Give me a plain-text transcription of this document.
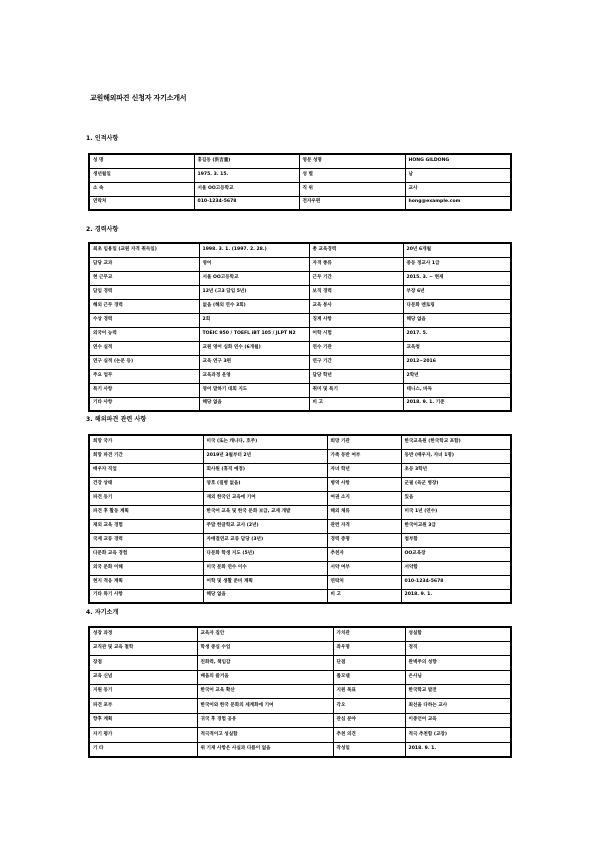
교원해외파견 신청자 자기소개서
1. 인적사항
성 명	홍길동 (洪吉童)	영문 성명	HONG GILDONG
생년월일	1975. 3. 15.	성 별	남
소 속	서울 OO고등학교	직 위	교사
연락처	010-1234-5678	전자우편	hong@example.com
2. 경력사항
최초 임용일 (교원 자격 취득일)	1998. 3. 1. (1997. 2. 28.)	총 교육경력	20년 6개월
담당 교과	영어	자격 종류	중등 정교사 1급
현 근무교	서울 OO고등학교	근무 기간	2015. 3. ~ 현재
담임 경력	12년 (고3 담임 5년)	보직 경력	부장 6년
해외 근무 경력	없음 (해외 연수 3회)	교육 봉사	다문화 멘토링
수상 경력	2회	징계 사항	해당 없음
외국어 능력	TOEIC 950 / TOEFL iBT 105 / JLPT N2	어학 시험	2017. 5.
연수 실적	교원 영어 심화 연수 (6개월)	연수 기관	교육청
연구 실적 (논문 등)	교육 연구 3편	연구 기간	2012~2016
주요 업무	교육과정 운영	담당 학년	2학년
특기 사항	영어 말하기 대회 지도	취미 및 특기	테니스, 바둑
기타 사항	해당 없음	비 고	2018. 9. 1. 기준
3. 해외파견 관련 사항
희망 국가	미국 (또는 캐나다, 호주)	희망 기관	한국교육원 (한국학교 포함)
희망 파견 기간	2019년 3월부터 2년	가족 동반 여부	동반 (배우자, 자녀 1명)
배우자 직업	회사원 (휴직 예정)	자녀 학년	초등 3학년
건강 상태	양호 (질병 없음)	병역 사항	군필 (육군 병장)
파견 동기	재외 한국인 교육에 기여	여권 소지	있음
파견 후 활동 계획	한국어 교육 및 한국 문화 보급, 교재 개발	해외 체류	미국 1년 (연수)
재외 교육 경험	주말 한글학교 교사 (2년)	관련 자격	한국어교원 3급
국제 교류 경력	자매결연교 교류 담당 (3년)	경력 증명	첨부함
다문화 교육 경험	다문화 학생 지도 (5년)	추천자	OO교육장
외국 문화 이해	미국 문화 연수 이수	서약 여부	서약함
현지 적응 계획	어학 및 생활 준비 계획	연락처	010-1234-5678
기타 특기 사항	해당 없음	비 고	2018. 9. 1.
4. 자기소개
성장 과정	교육자 집안	가치관	성실함
교직관 및 교육 철학	학생 중심 수업	좌우명	정직
장점	친화력, 책임감	단점	완벽주의 성향
교육 신념	배움의 즐거움	롤모델	은사님
지원 동기	한국어 교육 확산	지원 목표	한국학교 발전
파견 포부	한국어와 한국 문화의 세계화에 기여	각오	최선을 다하는 교사
향후 계획	귀국 후 경험 공유	관심 분야	이중언어 교육
자기 평가	적극적이고 성실함	추천 의견	적극 추천함 (교장)
기 타	위 기재 사항은 사실과 다름이 없음	작성일	2018. 9. 1.
